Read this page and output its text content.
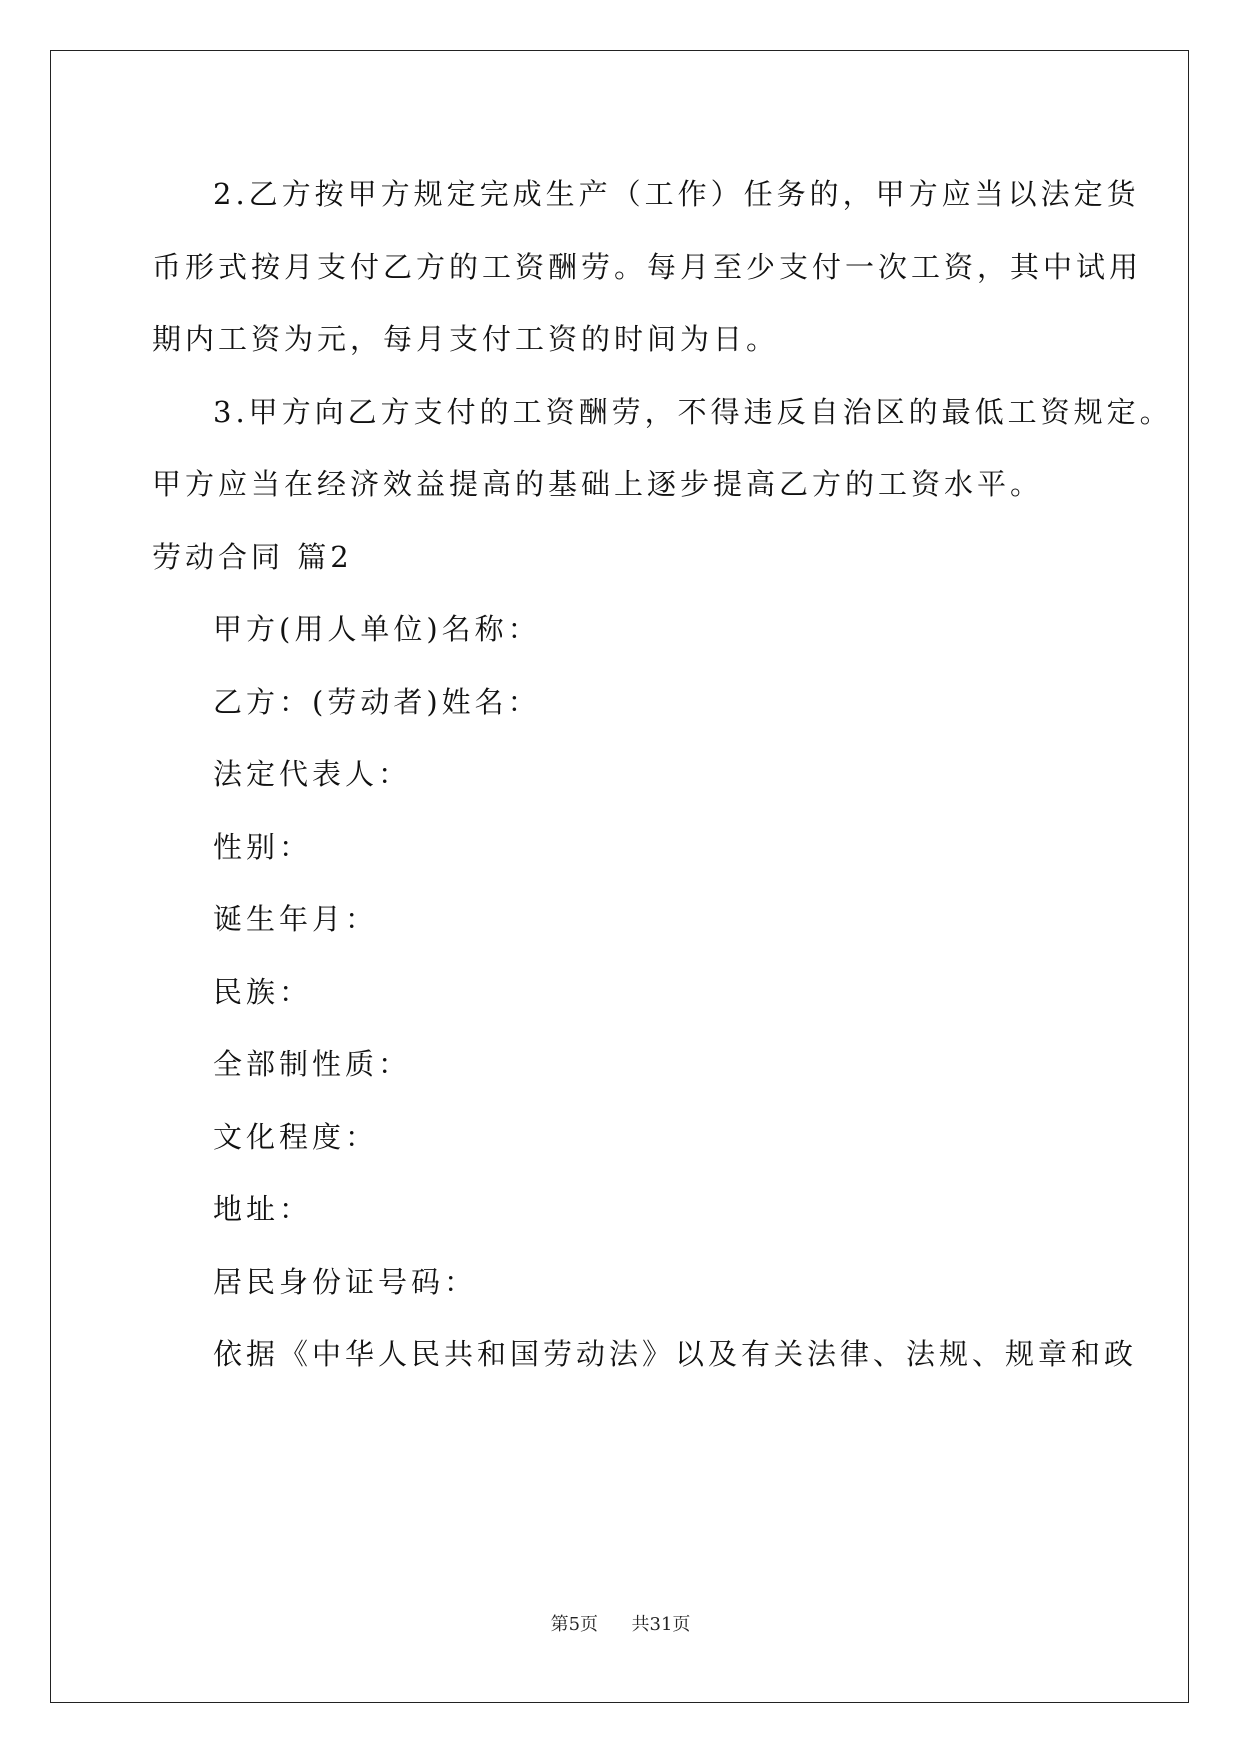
2.乙方按甲方规定完成生产（工作）任务的，甲方应当以法定货
币形式按月支付乙方的工资酬劳。每月至少支付一次工资，其中试用
期内工资为元，每月支付工资的时间为日。
3.甲方向乙方支付的工资酬劳，不得违反自治区的最低工资规定。
甲方应当在经济效益提高的基础上逐步提高乙方的工资水平。
劳动合同 篇2
甲方(用人单位)名称：
乙方：(劳动者)姓名：
法定代表人：
性别：
诞生年月：
民族：
全部制性质：
文化程度：
地址：
居民身份证号码：
依据《中华人民共和国劳动法》以及有关法律、法规、规章和政
第5页 共31页
